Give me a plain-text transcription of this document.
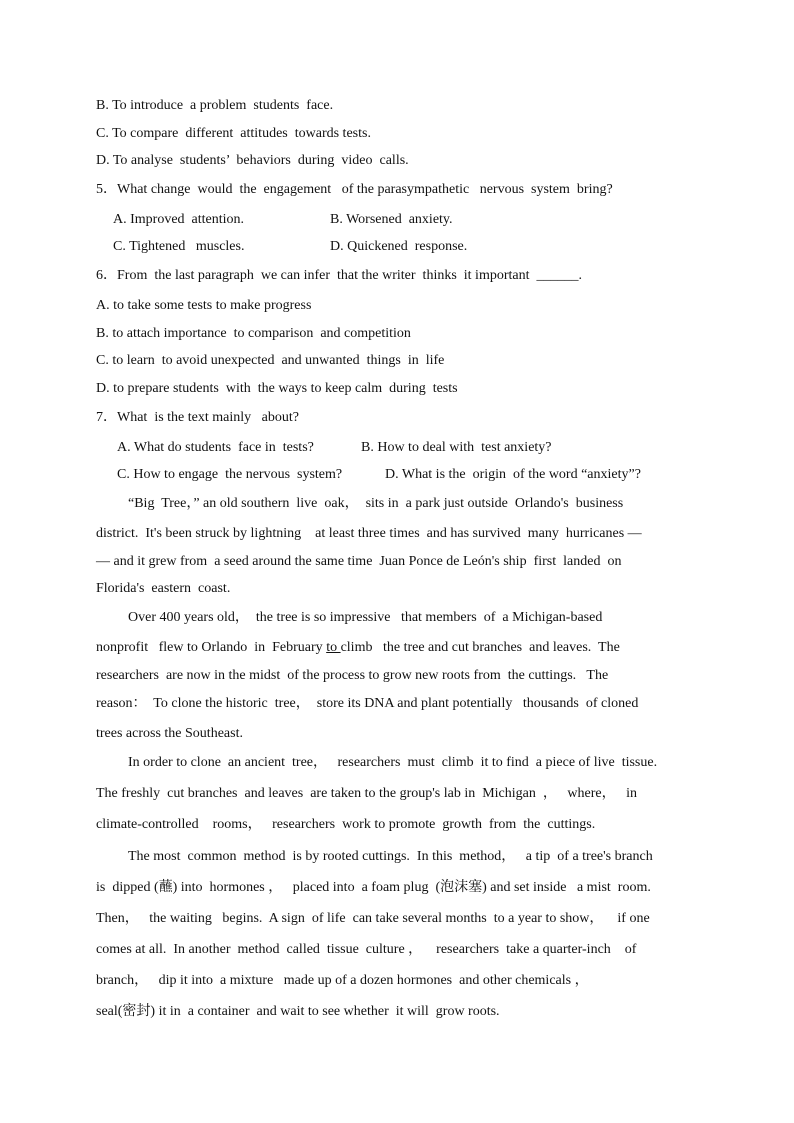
B. To introduce  a problem  students  face.
C. To compare  different  attitudes  towards tests.
D. To analyse  students’  behaviors  during  video  calls.
5．What change  would  the  engagement   of the parasympathetic   nervous  system  bring?
A. Improved  attention.	B. Worsened  anxiety.
C. Tightened   muscles.	D. Quickened  response.
6．From  the last paragraph  we can infer  that the writer  thinks  it important  ______.
A. to take some tests to make progress
B. to attach importance  to comparison  and competition
C. to learn  to avoid unexpected  and unwanted  things  in  life
D. to prepare students  with  the ways to keep calm  during  tests
7．What  is the text mainly   about?
A. What do students  face in  tests?	B. How to deal with  test anxiety?
C. How to engage  the nervous  system?	D. What is the  origin  of the word “anxiety”?
“Big  Tree，” an old southern  live  oak，  sits in  a park just outside  Orlando's  business
district.  It's been struck by lightning    at least three times  and has survived  many  hurricanes —
— and it grew from  a seed around the same time  Juan Ponce de León's ship  first  landed  on
Florida's  eastern  coast.
Over 400 years old，  the tree is so impressive   that members  of  a Michigan-based
nonprofit   flew to Orlando  in  February to climb   the tree and cut branches  and leaves.  The
researchers  are now in the midst  of the process to grow new roots from  the cuttings.   The
reason：  To clone the historic  tree，  store its DNA and plant potentially   thousands  of cloned
trees across the Southeast.
In order to clone  an ancient  tree，   researchers  must  climb  it to find  a piece of live  tissue.
The freshly  cut branches  and leaves  are taken to the group's lab in  Michigan  ，   where，   in
climate-controlled    rooms，   researchers  work to promote  growth  from  the  cuttings.
The most  common  method  is by rooted cuttings.  In this  method，   a tip  of a tree's branch
is  dipped (蘸) into  hormones ，   placed into  a foam plug  (泡沫塞) and set inside   a mist  room.
Then，   the waiting   begins.  A sign  of life  can take several months  to a year to show，    if one
comes at all.  In another  method  called  tissue  culture ，    researchers  take a quarter-inch    of
branch，   dip it into  a mixture   made up of a dozen hormones  and other chemicals ，
seal(密封) it in  a container  and wait to see whether  it will  grow roots.
